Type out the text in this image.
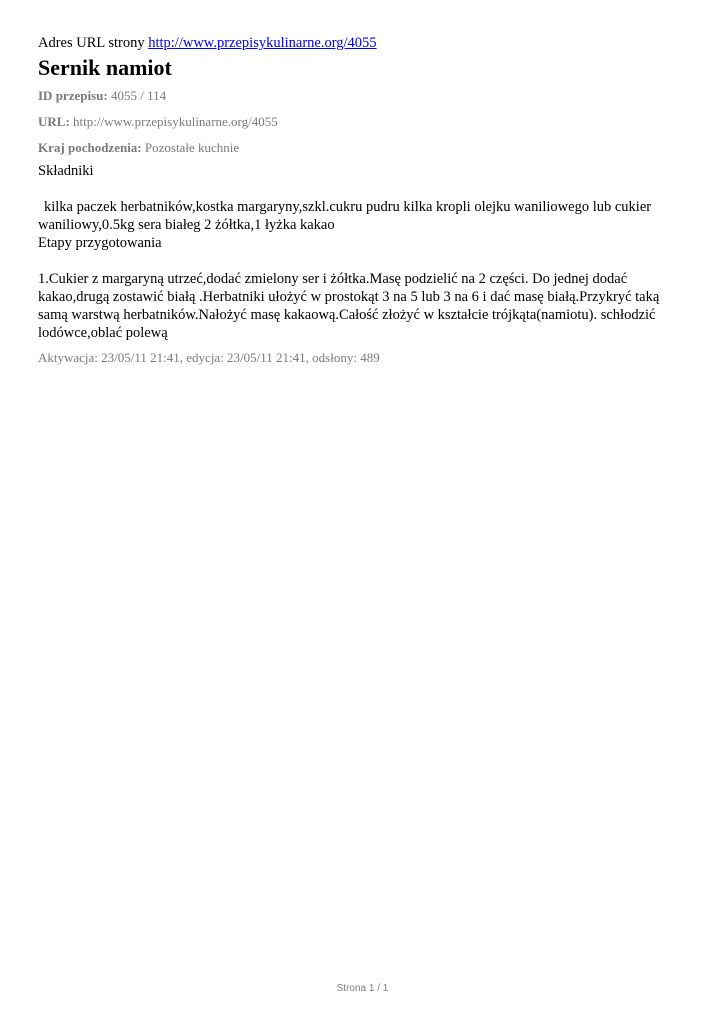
Adres URL strony http://www.przepisykulinarne.org/4055

Sernik namiot

ID przepisu: 4055 / 114

URL: http://www.przepisykulinarne.org/4055

Kraj pochodzenia: Pozostałe kuchnie

Składniki

kilka paczek herbatników,kostka margaryny,szkl.cukru pudru kilka kropli olejku waniliowego lub cukier waniliowy,0.5kg sera białeg 2 żółtka,1 łyżka kakao

Etapy przygotowania

1.Cukier z margaryną utrzeć,dodać zmielony ser i żółtka.Masę podzielić na 2 części. Do jednej dodać kakao,drugą zostawić białą .Herbatniki ułożyć w prostokąt 3 na 5 lub 3 na 6 i dać masę białą.Przykryć taką samą warstwą herbatników.Nałożyć masę kakaową.Całość złożyć w kształcie trójkąta(namiotu). schłodzić lodówce,oblać polewą

Aktywacja: 23/05/11 21:41, edycja: 23/05/11 21:41, odsłony: 489

Strona 1 / 1
